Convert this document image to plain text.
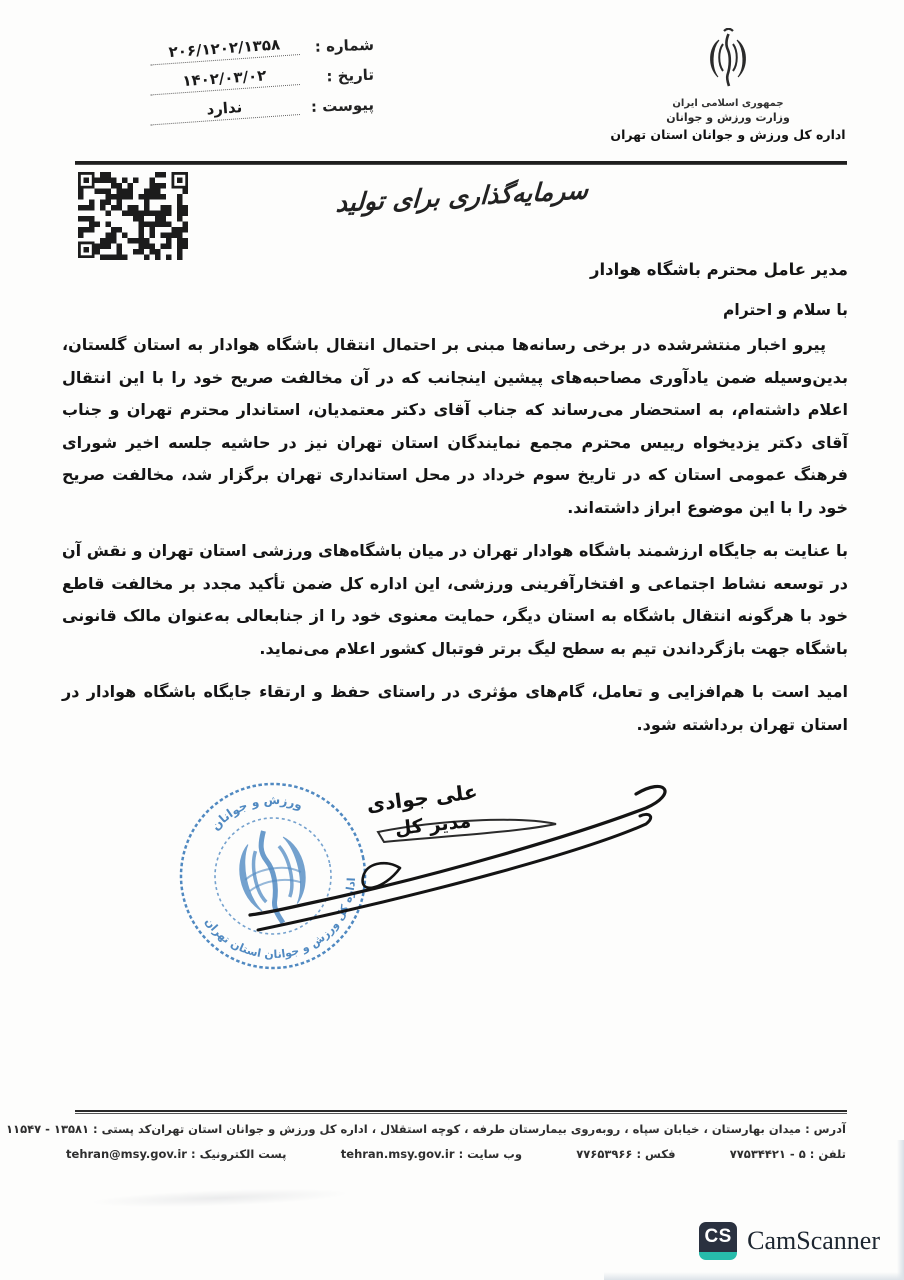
شماره :
۲۰۶/۱۲۰۲/۱۳۵۸
تاریخ :
۱۴۰۲/۰۳/۰۲
پیوست :
ندارد	جمهوری اسلامی ایران
وزارت ورزش و جوانان
اداره کل ورزش و جوانان استان تهران
سرمایه‌گذاری برای تولید
مدیر عامل محترم باشگاه هوادار
با سلام و احترام

پیرو اخبار منتشرشده در برخی رسانه‌ها مبنی بر احتمال انتقال باشگاه هوادار به استان گلستان، بدین‌وسیله ضمن یادآوری مصاحبه‌های پیشین اینجانب که در آن مخالفت صریح خود را با این انتقال اعلام داشته‌ام، به استحضار می‌رساند که جناب آقای دکتر معتمدیان، استاندار محترم تهران و جناب آقای دکتر یزدیخواه رییس محترم مجمع نمایندگان استان تهران نیز در حاشیه جلسه اخیر شورای فرهنگ عمومی استان که در تاریخ سوم خرداد در محل استانداری تهران برگزار شد، مخالفت صریح خود را با این موضوع ابراز داشته‌اند.

با عنایت به جایگاه ارزشمند باشگاه هوادار تهران در میان باشگاه‌های ورزشی استان تهران و نقش آن در توسعه نشاط اجتماعی و افتخارآفرینی ورزشی، این اداره کل ضمن تأکید مجدد بر مخالفت قاطع خود با هرگونه انتقال باشگاه به استان دیگر، حمایت معنوی خود را از جنابعالی به‌عنوان مالک قانونی باشگاه جهت بازگرداندن تیم به سطح لیگ برتر فوتبال کشور اعلام می‌نماید.

امید است با هم‌افزایی و تعامل، گام‌های مؤثری در راستای حفظ و ارتقاء جایگاه باشگاه هوادار در استان تهران برداشته شود.

ورزش و جوانان
اداره کل ورزش و جوانان استان تهران
علی جوادی
مدیر کل
آدرس : میدان بهارستان ، خیابان سپاه ، روبه‌روی بیمارستان طرفه ، کوچه استقلال ، اداره کل ورزش و جوانان استان تهران
کد پستی : ۱۳۵۸۱ - ۱۱۵۴۷
تلفن : ۵ - ۷۷۵۳۴۴۲۱
فکس : ۷۷۶۵۳۹۶۶
وب سایت : tehran.msy.gov.ir
پست الکترونیک : tehran@msy.gov.ir
CS CamScanner
